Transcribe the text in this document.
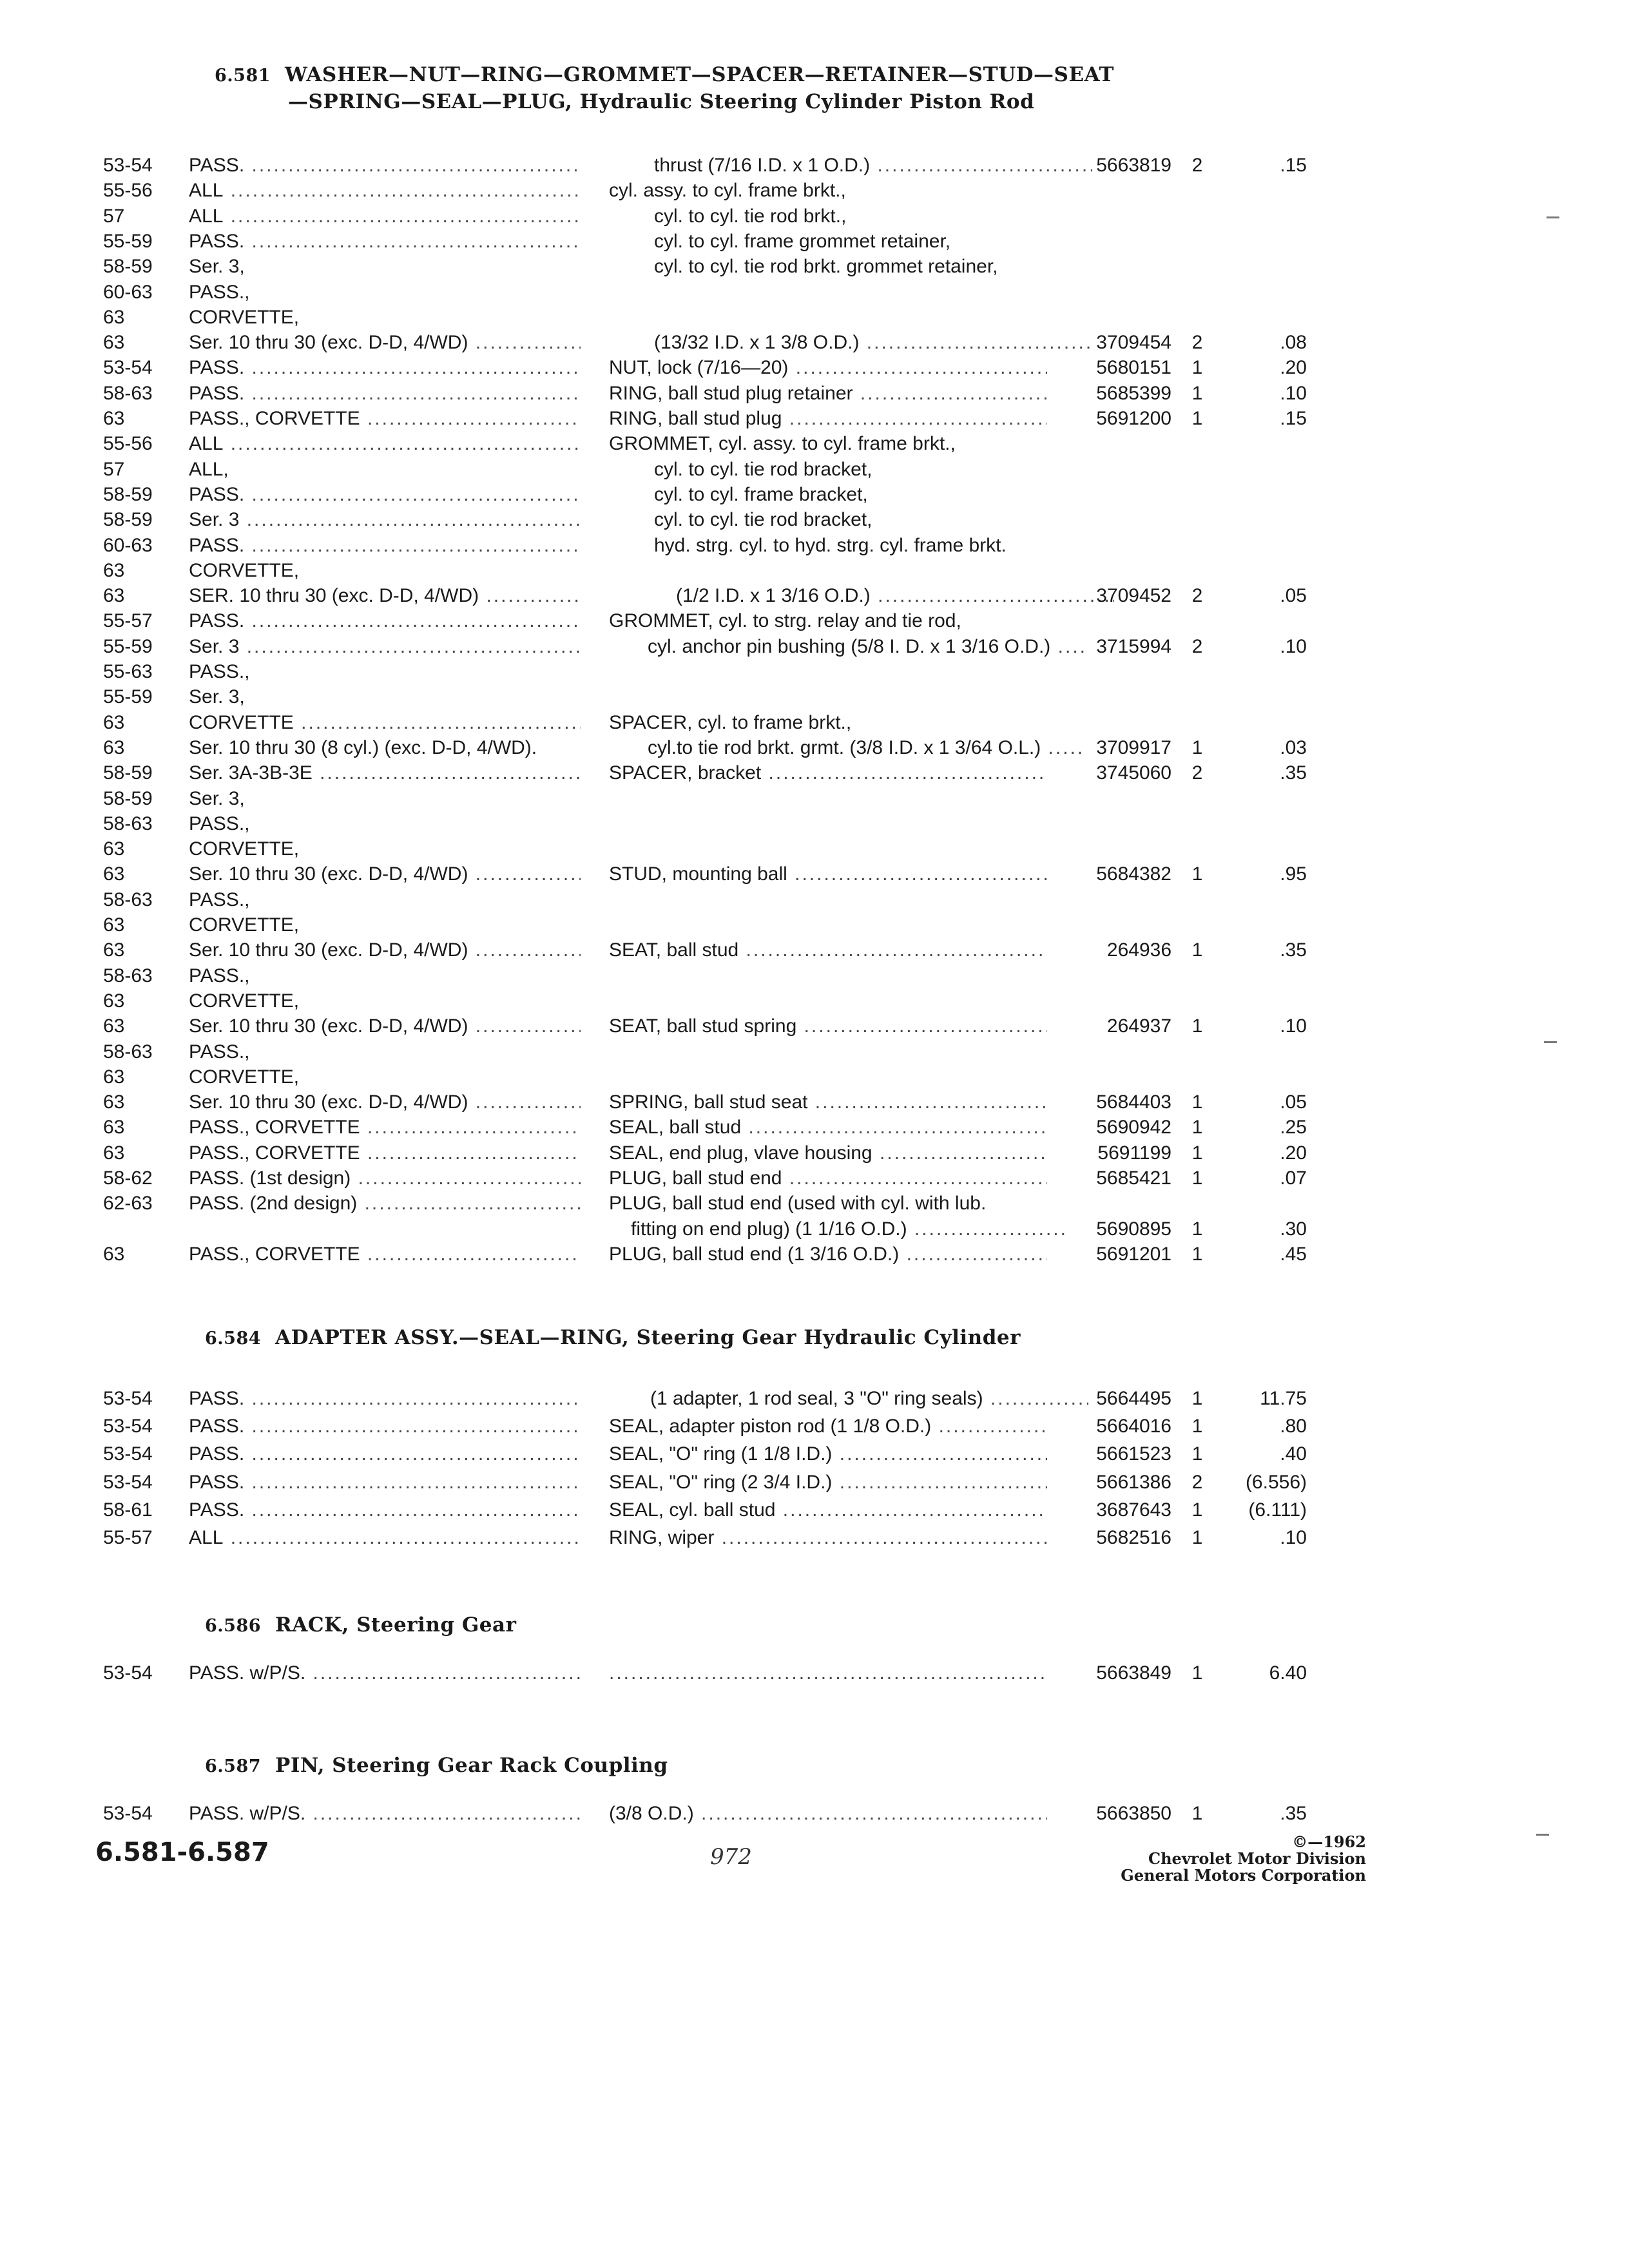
6.581 WASHER—NUT—RING—GROMMET—SPACER—RETAINER—STUD—SEAT
—SPRING—SEAL—PLUG, Hydraulic Steering Cylinder Piston Rod
6.584 ADAPTER ASSY.—SEAL—RING, Steering Gear Hydraulic Cylinder
6.586 RACK, Steering Gear
6.587 PIN, Steering Gear Rack Coupling
53-54	PASS. .....	thrust (7/16 I.D. x 1 O.D.) .....	5663819	2	.15
55-56	ALL .....	cyl. assy. to cyl. frame brkt.,
57	ALL .....	cyl. to cyl. tie rod brkt.,
55-59	PASS. .....	cyl. to cyl. frame grommet retainer,
58-59	Ser. 3,	cyl. to cyl. tie rod brkt. grommet retainer,
60-63	PASS.,
63	CORVETTE,
63	Ser. 10 thru 30 (exc. D-D, 4/WD) .....	(13/32 I.D. x 1 3/8 O.D.) .....	3709454	2	.08
53-54	PASS. .....	NUT, lock (7/16—20) .....	5680151	1	.20
58-63	PASS. .....	RING, ball stud plug retainer .....	5685399	1	.10
63	PASS., CORVETTE .....	RING, ball stud plug .....	5691200	1	.15
55-56	ALL .....	GROMMET, cyl. assy. to cyl. frame brkt.,
57	ALL,	cyl. to cyl. tie rod bracket,
58-59	PASS. .....	cyl. to cyl. frame bracket,
58-59	Ser. 3 .....	cyl. to cyl. tie rod bracket,
60-63	PASS. .....	hyd. strg. cyl. to hyd. strg. cyl. frame brkt.
63	CORVETTE,
63	SER. 10 thru 30 (exc. D-D, 4/WD) .....	(1/2 I.D. x 1 3/16 O.D.) .....	3709452	2	.05
55-57	PASS. .....	GROMMET, cyl. to strg. relay and tie rod,
55-59	Ser. 3 .....	cyl. anchor pin bushing (5/8 I. D. x 1 3/16 O.D.) .....	3715994	2	.10
55-63	PASS.,
55-59	Ser. 3,
63	CORVETTE .....	SPACER, cyl. to frame brkt.,
63	Ser. 10 thru 30 (8 cyl.) (exc. D-D, 4/WD).	cyl.to tie rod brkt. grmt. (3/8 I.D. x 1 3/64 O.L.) .....	3709917	1	.03
58-59	Ser. 3A-3B-3E .....	SPACER, bracket .....	3745060	2	.35
58-59	Ser. 3,
58-63	PASS.,
63	CORVETTE,
63	Ser. 10 thru 30 (exc. D-D, 4/WD) .....	STUD, mounting ball .....	5684382	1	.95
58-63	PASS.,
63	CORVETTE,
63	Ser. 10 thru 30 (exc. D-D, 4/WD) .....	SEAT, ball stud .....	264936	1	.35
58-63	PASS.,
63	CORVETTE,
63	Ser. 10 thru 30 (exc. D-D, 4/WD) .....	SEAT, ball stud spring .....	264937	1	.10
58-63	PASS.,
63	CORVETTE,
63	Ser. 10 thru 30 (exc. D-D, 4/WD) .....	SPRING, ball stud seat .....	5684403	1	.05
63	PASS., CORVETTE .....	SEAL, ball stud .....	5690942	1	.25
63	PASS., CORVETTE .....	SEAL, end plug, vlave housing .....	5691199	1	.20
58-62	PASS. (1st design) .....	PLUG, ball stud end .....	5685421	1	.07
62-63	PASS. (2nd design) .....	PLUG, ball stud end (used with cyl. with lub.
fitting on end plug) (1 1/16 O.D.) .....	5690895	1	.30
63	PASS., CORVETTE .....	PLUG, ball stud end (1 3/16 O.D.) .....	5691201	1	.45
53-54	PASS. .....	(1 adapter, 1 rod seal, 3 "O" ring seals) .....	5664495	1	11.75
53-54	PASS. .....	SEAL, adapter piston rod (1 1/8 O.D.) .....	5664016	1	.80
53-54	PASS. .....	SEAL, "O" ring (1 1/8 I.D.) .....	5661523	1	.40
53-54	PASS. .....	SEAL, "O" ring (2 3/4 I.D.) .....	5661386	2	(6.556)
58-61	PASS. .....	SEAL, cyl. ball stud .....	3687643	1	(6.111)
55-57	ALL .....	RING, wiper .....	5682516	1	.10
53-54	PASS. w/P/S. .....
.....	5663849	1	6.40
53-54	PASS. w/P/S. .....	(3/8 O.D.) .....	5663850	1	.35
6.581-6.587	972
©—1962
Chevrolet Motor Division
General Motors Corporation
